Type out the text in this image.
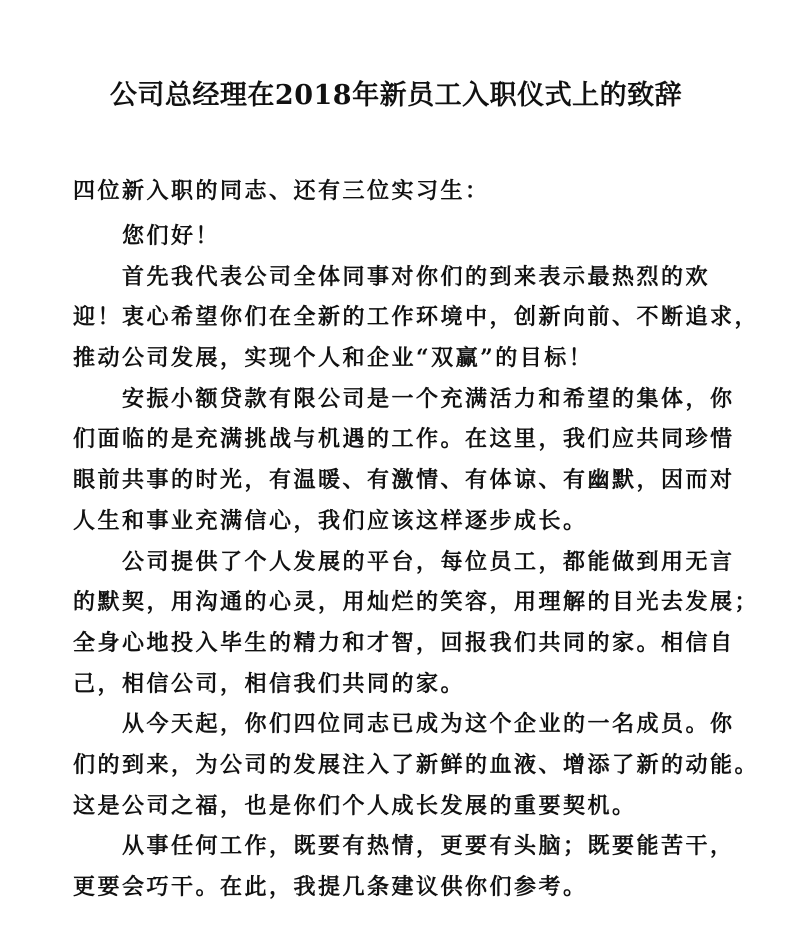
公司总经理在2018年新员工入职仪式上的致辞
四位新入职的同志、还有三位实习生：
您们好！
首先我代表公司全体同事对你们的到来表示最热烈的欢
迎！衷心希望你们在全新的工作环境中，创新向前、不断追求，
推动公司发展，实现个人和企业“双赢”的目标！
安振小额贷款有限公司是一个充满活力和希望的集体，你
们面临的是充满挑战与机遇的工作。在这里，我们应共同珍惜
眼前共事的时光，有温暖、有激情、有体谅、有幽默，因而对
人生和事业充满信心，我们应该这样逐步成长。
公司提供了个人发展的平台，每位员工，都能做到用无言
的默契，用沟通的心灵，用灿烂的笑容，用理解的目光去发展；
全身心地投入毕生的精力和才智，回报我们共同的家。相信自
己，相信公司，相信我们共同的家。
从今天起，你们四位同志已成为这个企业的一名成员。你
们的到来，为公司的发展注入了新鲜的血液、增添了新的动能。
这是公司之福，也是你们个人成长发展的重要契机。
从事任何工作，既要有热情，更要有头脑；既要能苦干，
更要会巧干。在此，我提几条建议供你们参考。
